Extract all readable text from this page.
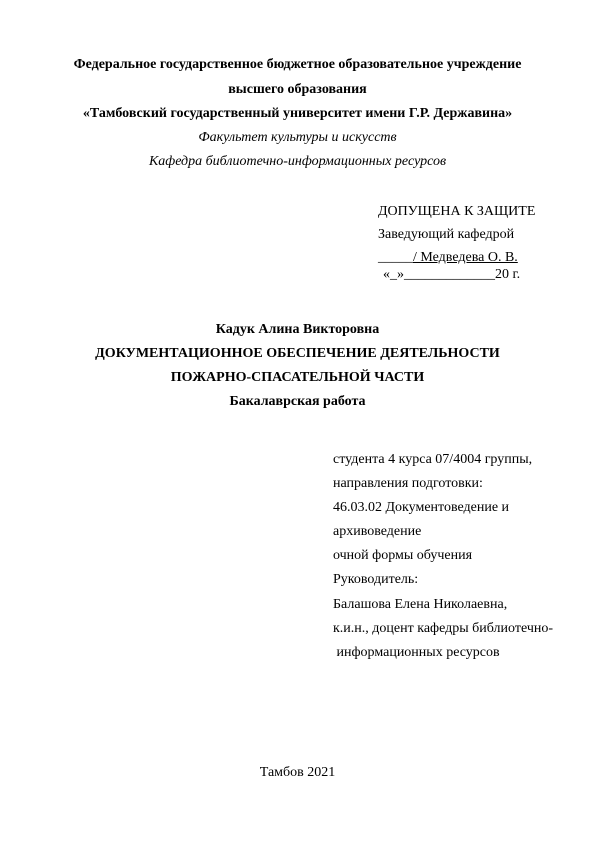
Федеральное государственное бюджетное образовательное учреждение
высшего образования
«Тамбовский государственный университет имени Г.Р. Державина»
Факультет культуры и искусств
Кафедра библиотечно-информационных ресурсов
ДОПУЩЕНА К ЗАЩИТЕ
Заведующий кафедрой
_____/ Медведева О. В.
«_»_____________20 г.
Кадук Алина Викторовна
ДОКУМЕНТАЦИОННОЕ ОБЕСПЕЧЕНИЕ ДЕЯТЕЛЬНОСТИ
ПОЖАРНО-СПАСАТЕЛЬНОЙ ЧАСТИ
Бакалаврская работа
студента 4 курса 07/4004 группы,
направления подготовки:
46.03.02 Документоведение и
архивоведение
очной формы обучения
Руководитель:
Балашова Елена Николаевна,
к.и.н., доцент кафедры библиотечно-
информационных ресурсов
Тамбов 2021
